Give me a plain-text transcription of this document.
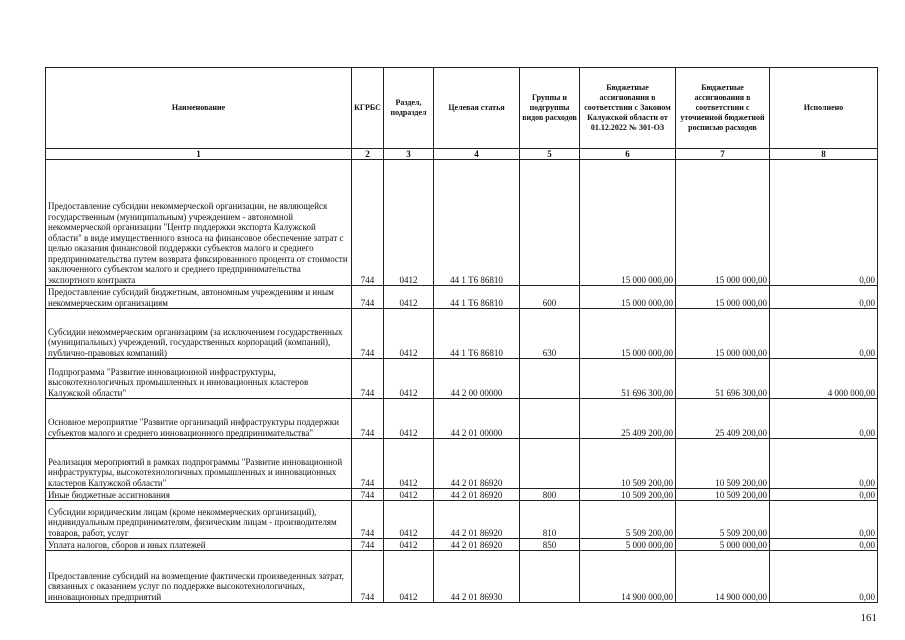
Наименование	КГРБС	Раздел, подраздел	Целевая статья	Группы и подгруппы видов расходов	Бюджетные ассигнования в соответствии с Законом Калужской области от 01.12.2022 № 301-ОЗ	Бюджетные ассигнования в соответствии с уточненной бюджетной росписью расходов	Исполнено
1	2	3	4	5	6	7	8
Предоставление субсидии некоммерческой организации, не являющейся государственным (муниципальным) учреждением - автономной некоммерческой организации "Центр поддержки экспорта Калужской области" в виде имущественного взноса на финансовое обеспечение затрат с целью оказания финансовой поддержки субъектов малого и среднего предпринимательства путем возврата фиксированного процента от стоимости заключенного субъектом малого и среднего предпринимательства экспортного контракта	744	0412	44 1 Т6 86810		15 000 000,00	15 000 000,00	0,00
Предоставление субсидий бюджетным, автономным учреждениям и иным некоммерческим организациям	744	0412	44 1 Т6 86810	600	15 000 000,00	15 000 000,00	0,00
Субсидии некоммерческим организациям (за исключением государственных (муниципальных) учреждений, государственных корпораций (компаний), публично-правовых компаний)	744	0412	44 1 Т6 86810	630	15 000 000,00	15 000 000,00	0,00
Подпрограмма "Развитие инновационной инфраструктуры, высокотехнологичных промышленных и инновационных кластеров Калужской области"	744	0412	44 2 00 00000		51 696 300,00	51 696 300,00	4 000 000,00
Основное мероприятие "Развитие организаций инфраструктуры поддержки субъектов малого и среднего инновационного предпринимательства"	744	0412	44 2 01 00000		25 409 200,00	25 409 200,00	0,00
Реализация мероприятий в рамках подпрограммы "Развитие инновационной инфраструктуры, высокотехнологичных промышленных и инновационных кластеров Калужской области"	744	0412	44 2 01 86920		10 509 200,00	10 509 200,00	0,00
Иные бюджетные ассигнования	744	0412	44 2 01 86920	800	10 509 200,00	10 509 200,00	0,00
Субсидии юридическим лицам (кроме некоммерческих организаций), индивидуальным предпринимателям, физическим лицам - производителям товаров, работ, услуг	744	0412	44 2 01 86920	810	5 509 200,00	5 509 200,00	0,00
Уплата налогов, сборов и иных платежей	744	0412	44 2 01 86920	850	5 000 000,00	5 000 000,00	0,00
Предоставление субсидий на возмещение фактически произведенных затрат, связанных с оказанием услуг по поддержке высокотехнологичных, инновационных предприятий	744	0412	44 2 01 86930		14 900 000,00	14 900 000,00	0,00
161
